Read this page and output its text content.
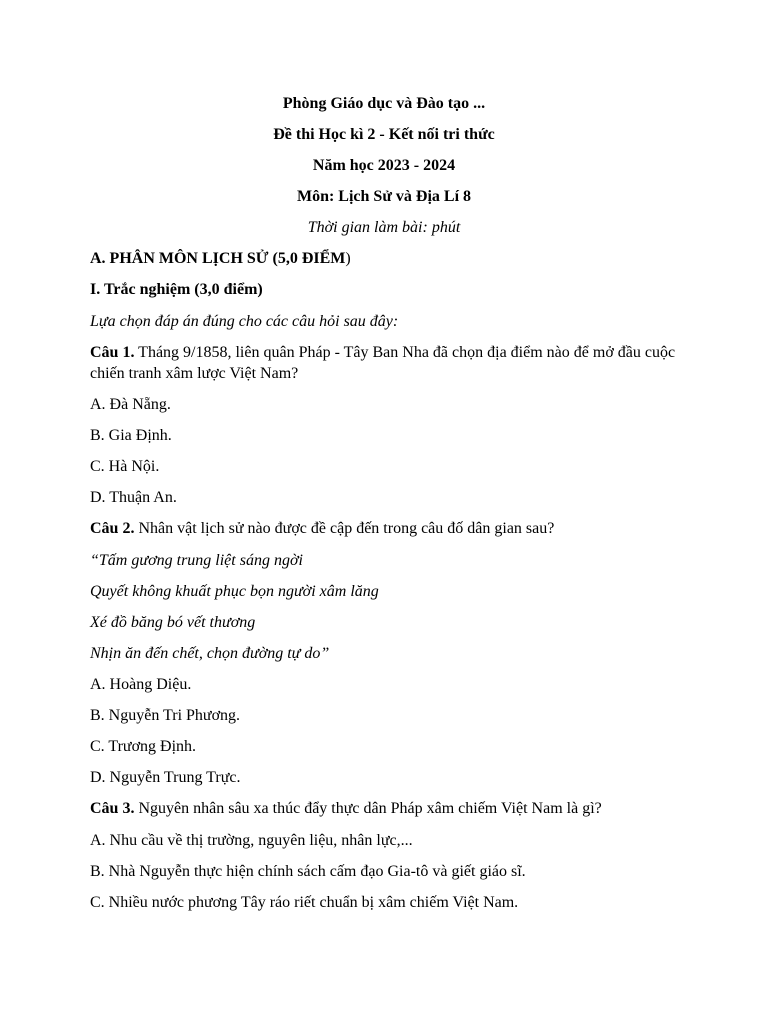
Phòng Giáo dục và Đào tạo ...
Đề thi Học kì 2 - Kết nối tri thức
Năm học 2023 - 2024
Môn: Lịch Sử và Địa Lí 8
Thời gian làm bài: phút
A. PHÂN MÔN LỊCH SỬ (5,0 ĐIỂM)
I. Trắc nghiệm (3,0 điểm)
Lựa chọn đáp án đúng cho các câu hỏi sau đây:
Câu 1. Tháng 9/1858, liên quân Pháp - Tây Ban Nha đã chọn địa điểm nào để mở đầu cuộc chiến tranh xâm lược Việt Nam?
A. Đà Nẵng.
B. Gia Định.
C. Hà Nội.
D. Thuận An.
Câu 2. Nhân vật lịch sử nào được đề cập đến trong câu đố dân gian sau?
“Tấm gương trung liệt sáng ngời
Quyết không khuất phục bọn người xâm lăng
Xé đồ băng bó vết thương
Nhịn ăn đến chết, chọn đường tự do”
A. Hoàng Diệu.
B. Nguyễn Tri Phương.
C. Trương Định.
D. Nguyễn Trung Trực.
Câu 3. Nguyên nhân sâu xa thúc đẩy thực dân Pháp xâm chiếm Việt Nam là gì?
A. Nhu cầu về thị trường, nguyên liệu, nhân lực,...
B. Nhà Nguyễn thực hiện chính sách cấm đạo Gia-tô và giết giáo sĩ.
C. Nhiều nước phương Tây ráo riết chuẩn bị xâm chiếm Việt Nam.
